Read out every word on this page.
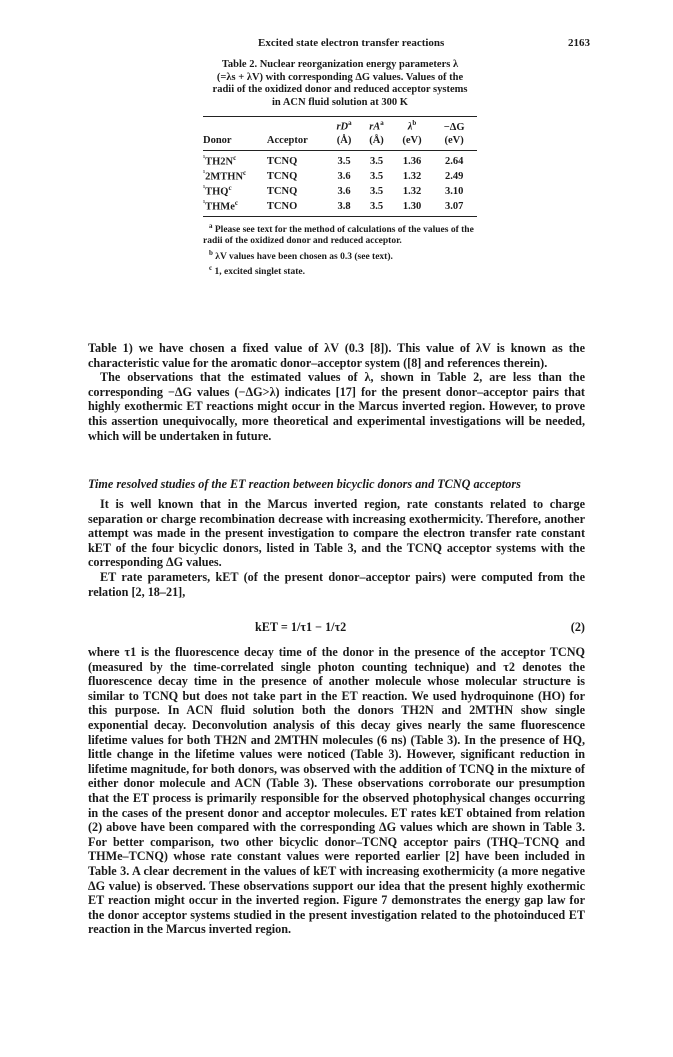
Excited state electron transfer reactions	2163
Table 2. Nuclear reorganization energy parameters λ
(=λs + λV) with corresponding ΔG values. Values of the
radii of the oxidized donor and reduced acceptor systems
in ACN fluid solution at 300 K
		$rD^a$	$rA^a$	$\lambda^b$	−ΔG
Donor	Acceptor	(Å)	(Å)	(eV)	(eV)
$^{^1}TH2N^c$	TCNQ	3.5	3.5	1.36	2.64
$^{^1}$2MTHN$^c$	TCNQ	3.6	3.5	1.32	2.49
$^{^1}$THQ$^c$	TCNQ	3.6	3.5	1.32	3.10
$^{^1}$THMe$^c$	TCNO	3.8	3.5	1.30	3.07

$^a$ Please see text for the method of calculations of the values of the radii of the oxidized donor and reduced acceptor.

$^b$ λV values have been chosen as 0.3 (see text).

$^c$ 1, excited singlet state.

Table 1) we have chosen a fixed value of λV (0.3 [8]). This value of λV is known as the characteristic value for the aromatic donor–acceptor system ([8] and references therein).

The observations that the estimated values of λ, shown in Table 2, are less than the corresponding −ΔG values (−ΔG>λ) indicates [17] for the present donor–acceptor pairs that highly exothermic ET reactions might occur in the Marcus inverted region. However, to prove this assertion unequivocally, more theoretical and experimental investigations will be needed, which will be undertaken in future.

Time resolved studies of the ET reaction between bicyclic donors and TCNQ acceptors

It is well known that in the Marcus inverted region, rate constants related to charge separation or charge recombination decrease with increasing exothermicity. Therefore, another attempt was made in the present investigation to compare the electron transfer rate constant kET of the four bicyclic donors, listed in Table 3, and the TCNQ acceptor systems with the corresponding ΔG values.

ET rate parameters, kET (of the present donor–acceptor pairs) were computed from the relation [2, 18–21],

kET = 1/τ1 − 1/τ2	(2)

where τ1 is the fluorescence decay time of the donor in the presence of the acceptor TCNQ (measured by the time-correlated single photon counting technique) and τ2 denotes the fluorescence decay time in the presence of another molecule whose molecular structure is similar to TCNQ but does not take part in the ET reaction. We used hydroquinone (HO) for this purpose. In ACN fluid solution both the donors TH2N and 2MTHN show single exponential decay. Deconvolution analysis of this decay gives nearly the same fluorescence lifetime values for both TH2N and 2MTHN molecules (6 ns) (Table 3). In the presence of HQ, little change in the lifetime values were noticed (Table 3). However, significant reduction in lifetime magnitude, for both donors, was observed with the addition of TCNQ in the mixture of either donor molecule and ACN (Table 3). These observations corroborate our presumption that the ET process is primarily responsible for the observed photophysical changes occurring in the cases of the present donor and acceptor molecules. ET rates kET obtained from relation (2) above have been compared with the corresponding ΔG values which are shown in Table 3. For better comparison, two other bicyclic donor–TCNQ acceptor pairs (THQ–TCNQ and THMe–TCNQ) whose rate constant values were reported earlier [2] have been included in Table 3. A clear decrement in the values of kET with increasing exothermicity (a more negative ΔG value) is observed. These observations support our idea that the present highly exothermic ET reaction might occur in the inverted region. Figure 7 demonstrates the energy gap law for the donor acceptor systems studied in the present investigation related to the photoinduced ET reaction in the Marcus inverted region.
